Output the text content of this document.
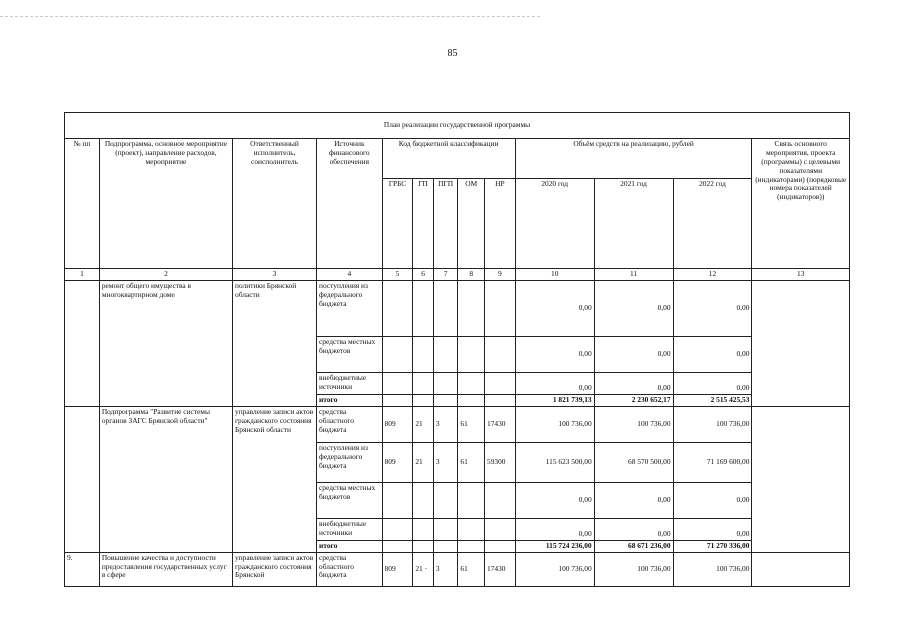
85
План реализации государственной программы												
№ пп	Подпрограмма, основное мероприятие (проект), направление расходов, мероприятие	Ответственный исполнитель, соисполнитель	Источник финансового обеспечения	Код бюджетной классификации					Объём средств на реализацию, рублей			Связь основного мероприятия, проекта (программы) с целевыми показателями (индикаторами) (порядковые номера показателей (индикаторов))
				ГРБС	ГП	ПГП	ОМ	НР	2020 год	2021 год	2022 год	
1	2	3	4	5	6	7	8	9	10	11	12	13
	ремонт общего имущества в многоквартирном доме	политики Брянской области	поступления из федерального бюджета						0,00	0,00	0,00	
			средства местных бюджетов						0,00	0,00	0,00	
			внебюджетные источники						0,00	0,00	0,00	
			итого						1 821 739,13	2 230 652,17	2 515 425,53	
	Подпрограмма "Развитие системы органов ЗАГС Брянской области"	управление записи актов гражданского состояния Брянской области	средства областного бюджета	809	21	3	61	17430	100 736,00	100 736,00	100 736,00	
			поступления из федерального бюджета	809	21	3	61	59300	115 623 500,00	68 570 500,00	71 169 600,00	
			средства местных бюджетов						0,00	0,00	0,00	
			внебюджетные источники						0,00	0,00	0,00	
			итого						115 724 236,00	68 671 236,00	71 270 336,00	
9.	Повышение качества и доступности предоставления государственных услуг в сфере	управление записи актов гражданского состояния Брянской	средства областного бюджета	809	21 ·	3	61	17430	100 736,00	100 736,00	100 736,00	
